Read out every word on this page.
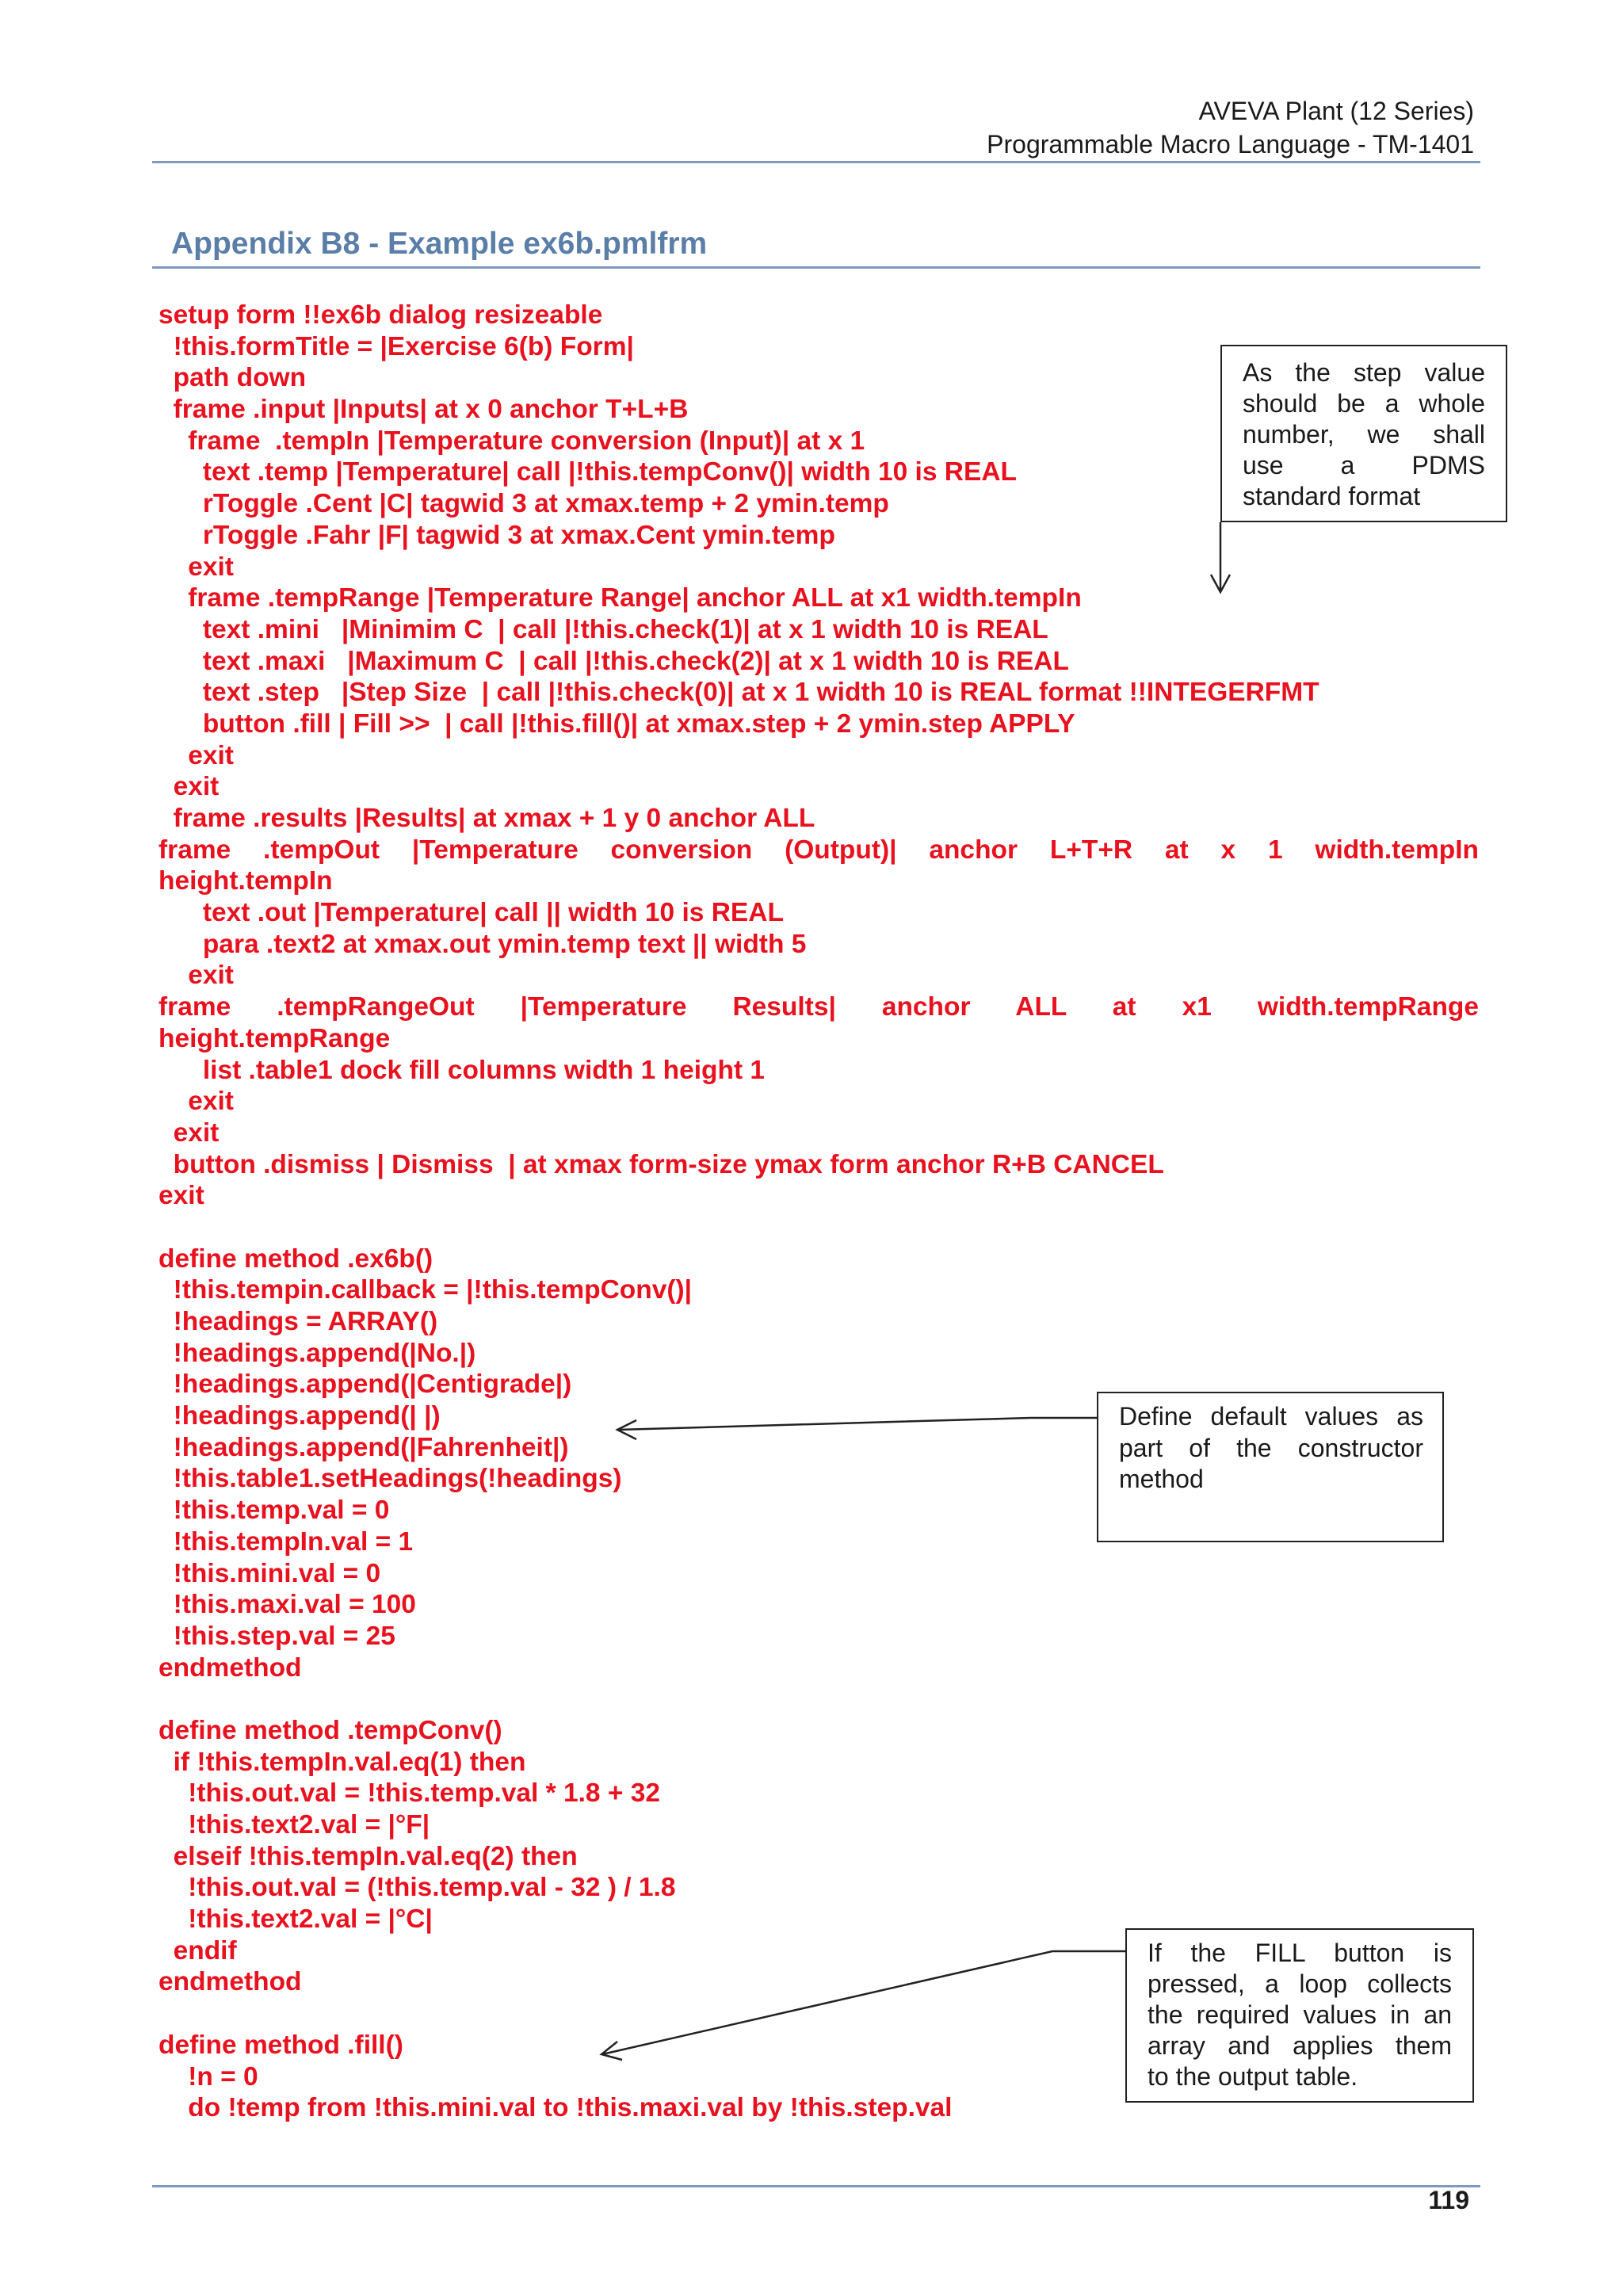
AVEVA Plant (12 Series)
Programmable Macro Language - TM-1401
Appendix B8 - Example ex6b.pmlfrm
setup form !!ex6b dialog resizeable
!this.formTitle = |Exercise 6(b) Form|
path down
frame .input |Inputs| at x 0 anchor T+L+B
frame  .tempIn |Temperature conversion (Input)| at x 1
text .temp |Temperature| call |!this.tempConv()| width 10 is REAL
rToggle .Cent |C| tagwid 3 at xmax.temp + 2 ymin.temp
rToggle .Fahr |F| tagwid 3 at xmax.Cent ymin.temp
exit
frame .tempRange |Temperature Range| anchor ALL at x1 width.tempIn
text .mini   |Minimim C  | call |!this.check(1)| at x 1 width 10 is REAL
text .maxi   |Maximum C  | call |!this.check(2)| at x 1 width 10 is REAL
text .step   |Step Size  | call |!this.check(0)| at x 1 width 10 is REAL format !!INTEGERFMT
button .fill | Fill >>  | call |!this.fill()| at xmax.step + 2 ymin.step APPLY
exit
exit
frame .results |Results| at xmax + 1 y 0 anchor ALL
frame .tempOut |Temperature conversion (Output)| anchor L+T+R at x 1 width.tempIn
height.tempIn
text .out |Temperature| call || width 10 is REAL
para .text2 at xmax.out ymin.temp text || width 5
exit
frame .tempRangeOut |Temperature Results| anchor ALL at x1 width.tempRange
height.tempRange
list .table1 dock fill columns width 1 height 1
exit
exit
button .dismiss | Dismiss  | at xmax form-size ymax form anchor R+B CANCEL
exit
define method .ex6b()
!this.tempin.callback = |!this.tempConv()|
!headings = ARRAY()
!headings.append(|No.|)
!headings.append(|Centigrade|)
!headings.append(| |)
!headings.append(|Fahrenheit|)
!this.table1.setHeadings(!headings)
!this.temp.val = 0
!this.tempIn.val = 1
!this.mini.val = 0
!this.maxi.val = 100
!this.step.val = 25
endmethod
define method .tempConv()
if !this.tempIn.val.eq(1) then
!this.out.val = !this.temp.val * 1.8 + 32
!this.text2.val = |°F|
elseif !this.tempIn.val.eq(2) then
!this.out.val = (!this.temp.val - 32 ) / 1.8
!this.text2.val = |°C|
endif
endmethod
define method .fill()
!n = 0
do !temp from !this.mini.val to !this.maxi.val by !this.step.val
As the step value
should be a whole
number, we shall
use a PDMS
standard format
Define default values as
part of the constructor
method
If the FILL button is
pressed, a loop collects
the required values in an
array and applies them
to the output table.
119
